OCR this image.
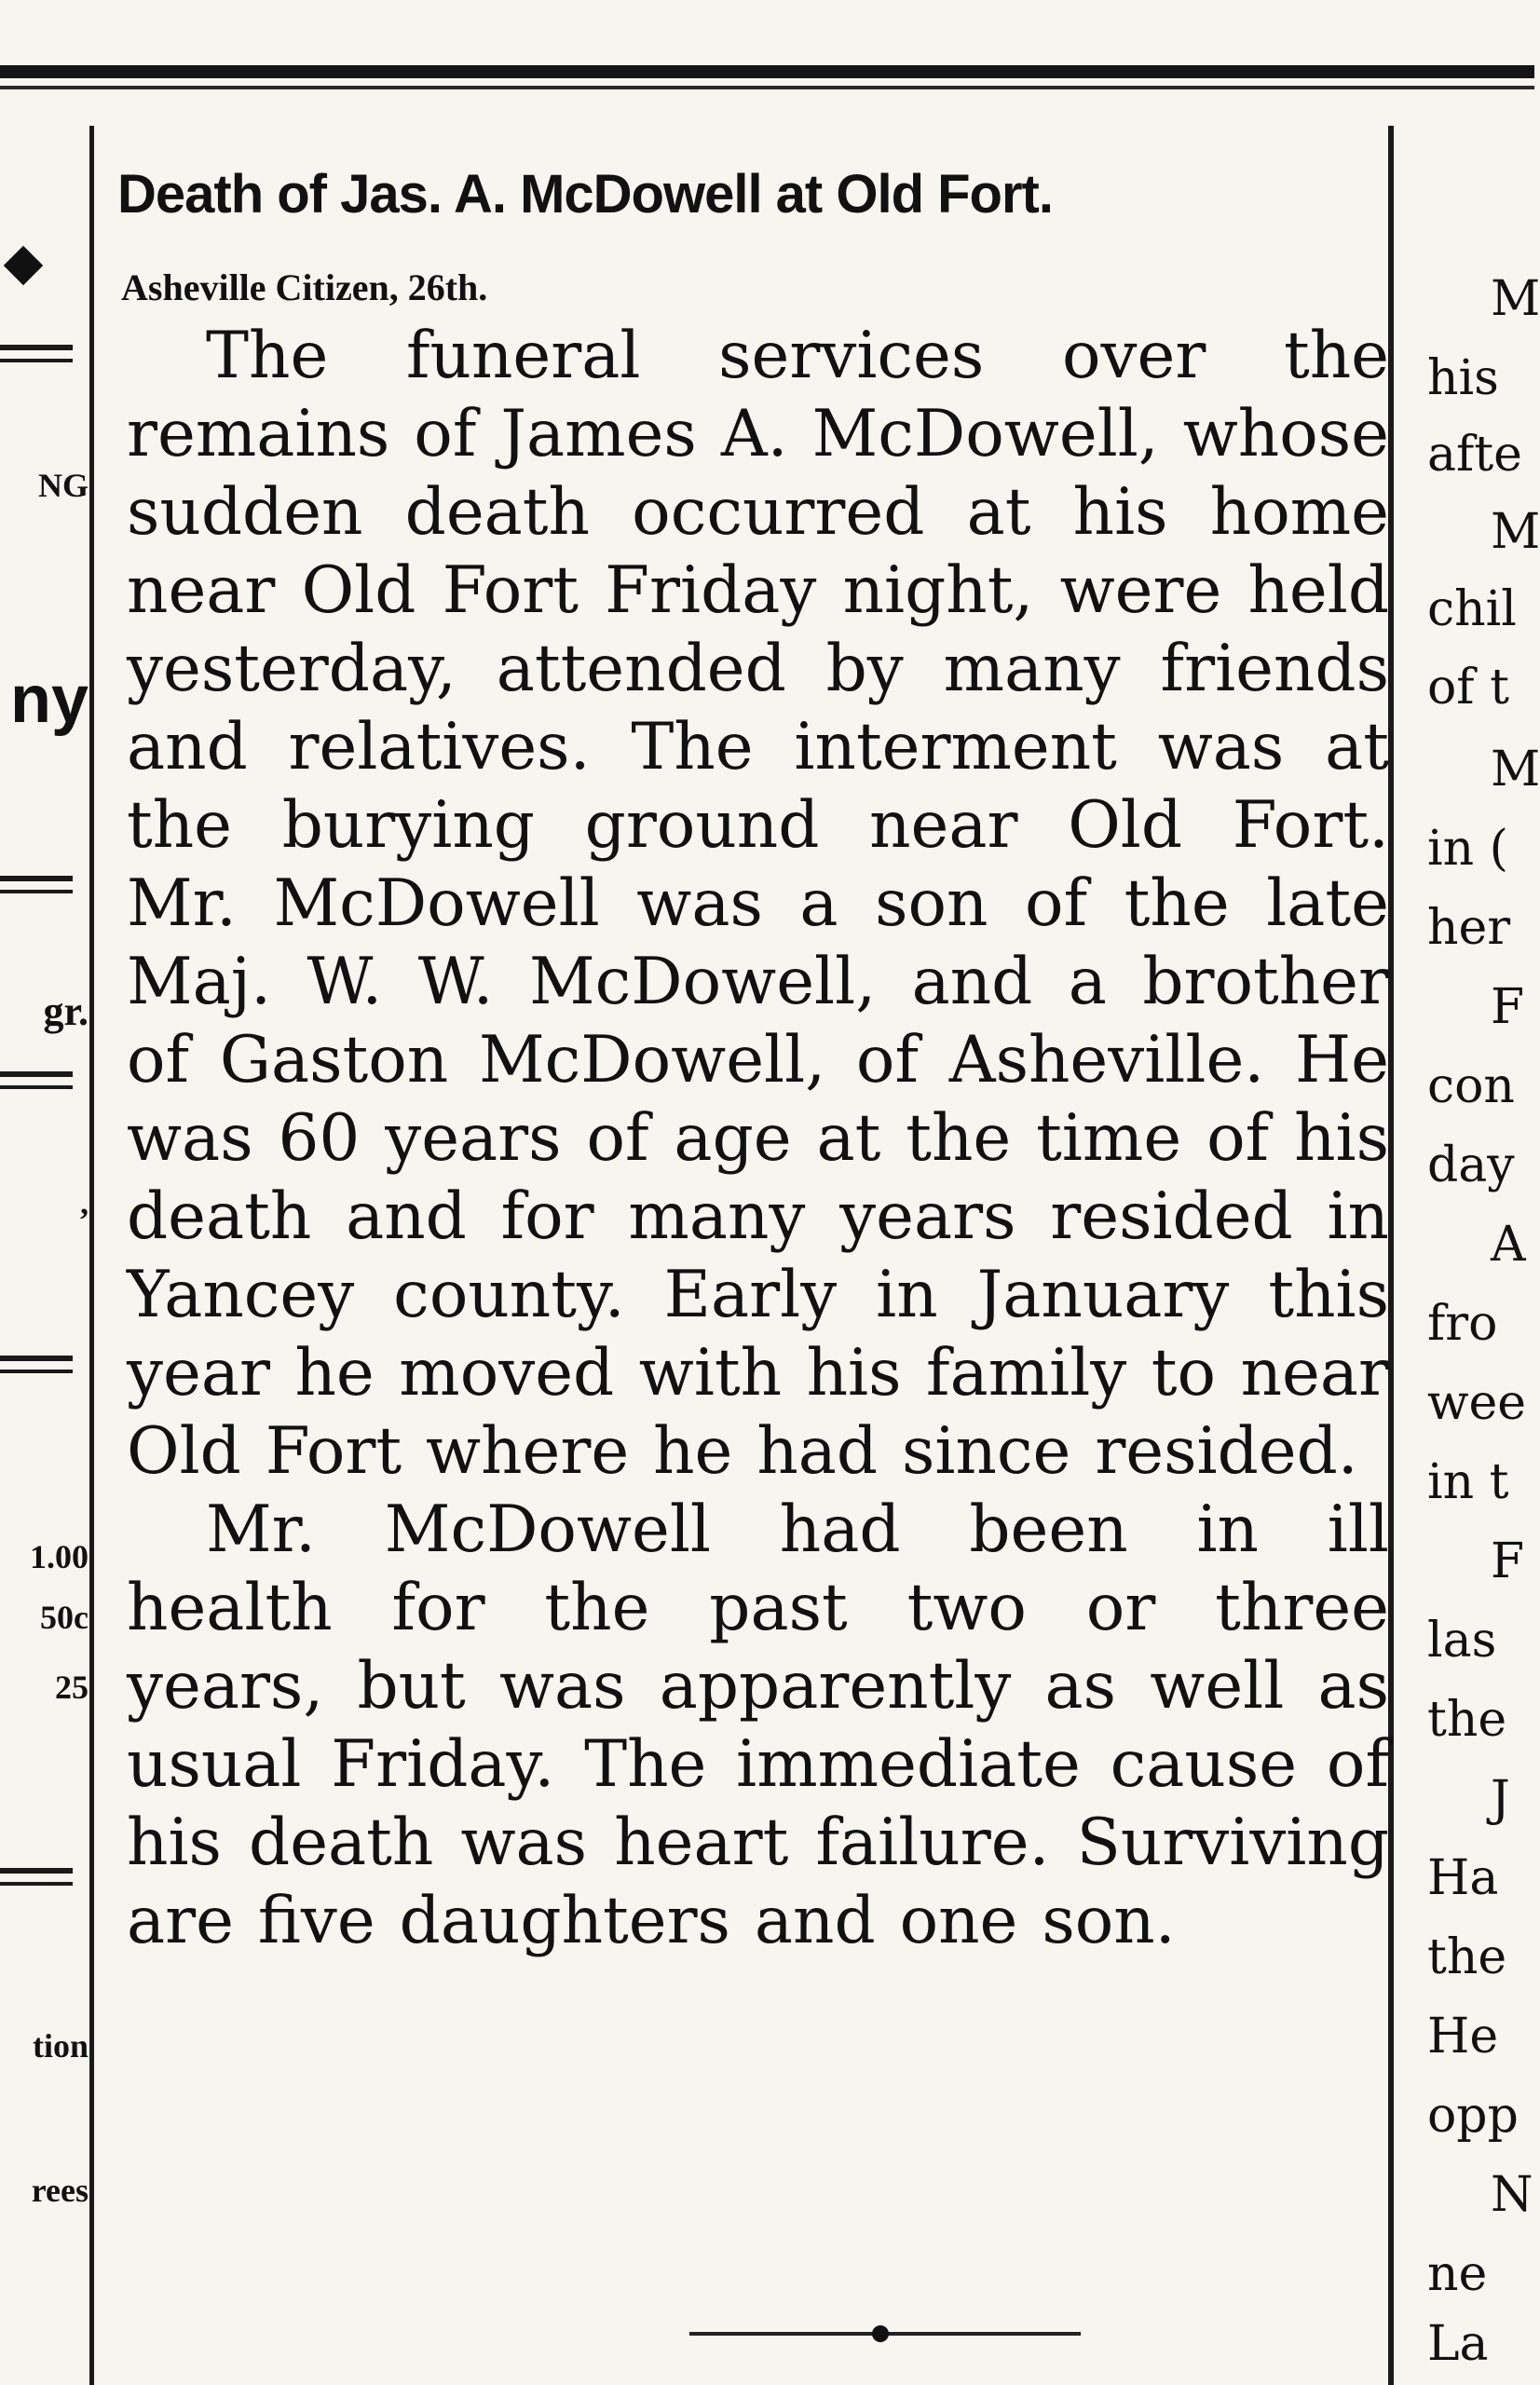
NG
ny
gr.
,
1.00
50c
25
tion
rees
Death of Jas. A. McDowell at Old Fort.
Asheville Citizen, 26th.

The funeral services over the remains of James A. McDowell, whose sudden death occurred at his home near Old Fort Friday night, were held yesterday, attended by many friends and relatives. The interment was at the burying ground near Old Fort. Mr. McDowell was a son of the late Maj. W. W. McDowell, and a brother of Gaston McDowell, of Asheville. He was 60 years of age at the time of his death and for many years resided in Yancey county. Early in January this year he moved with his family to near Old Fort where he had since resided.

Mr. McDowell had been in ill health for the past two or three years, but was apparently as well as usual Friday. The immediate cause of his death was heart failure. Surviving are five daughters and one son.

M
his
afte
M
chil
of t
M
in (
her
F
con
day
A
fro
wee
in t
F
las
the
J
Ha
the
He
opp
N
ne
La
